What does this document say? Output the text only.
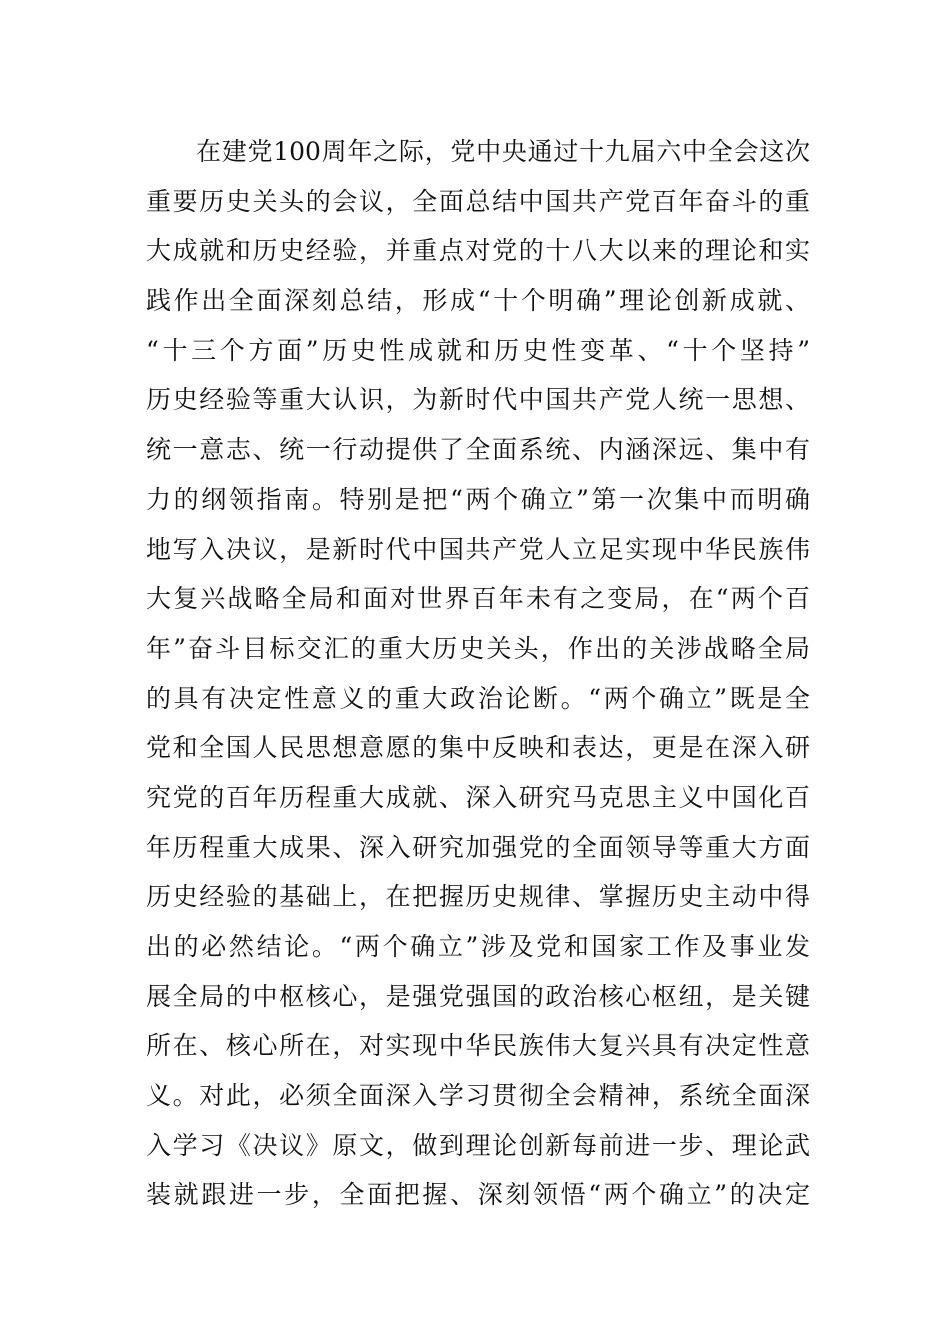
在建党100周年之际，党中央通过十九届六中全会这次
重要历史关头的会议，全面总结中国共产党百年奋斗的重
大成就和历史经验，并重点对党的十八大以来的理论和实
践作出全面深刻总结，形成“十个明确”理论创新成就、
“十三个方面”历史性成就和历史性变革、“十个坚持”
历史经验等重大认识，为新时代中国共产党人统一思想、
统一意志、统一行动提供了全面系统、内涵深远、集中有
力的纲领指南。特别是把“两个确立”第一次集中而明确
地写入决议，是新时代中国共产党人立足实现中华民族伟
大复兴战略全局和面对世界百年未有之变局，在“两个百
年”奋斗目标交汇的重大历史关头，作出的关涉战略全局
的具有决定性意义的重大政治论断。“两个确立”既是全
党和全国人民思想意愿的集中反映和表达，更是在深入研
究党的百年历程重大成就、深入研究马克思主义中国化百
年历程重大成果、深入研究加强党的全面领导等重大方面
历史经验的基础上，在把握历史规律、掌握历史主动中得
出的必然结论。“两个确立”涉及党和国家工作及事业发
展全局的中枢核心，是强党强国的政治核心枢纽，是关键
所在、核心所在，对实现中华民族伟大复兴具有决定性意
义。对此，必须全面深入学习贯彻全会精神，系统全面深
入学习《决议》原文，做到理论创新每前进一步、理论武
装就跟进一步，全面把握、深刻领悟“两个确立”的决定
